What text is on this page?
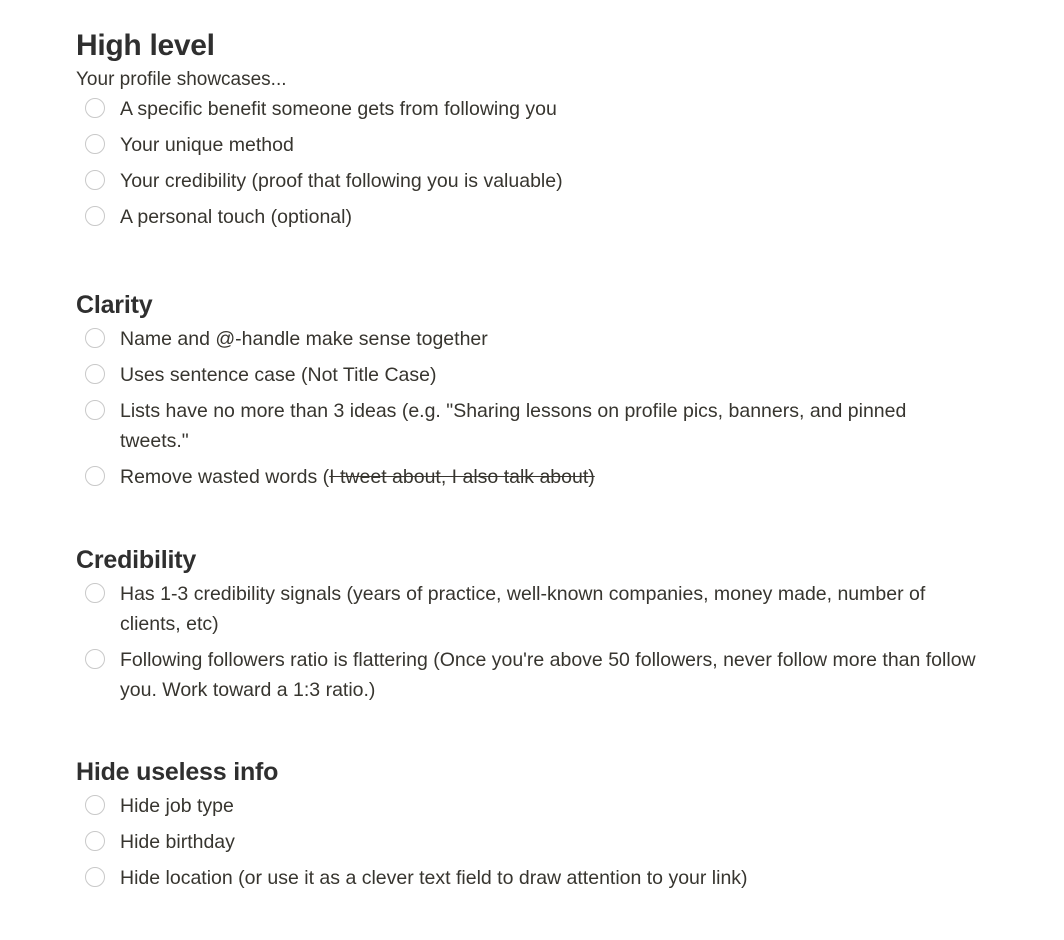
High level
Your profile showcases...
A specific benefit someone gets from following you
Your unique method
Your credibility (proof that following you is valuable)
A personal touch (optional)
Clarity
Name and @-handle make sense together
Uses sentence case (Not Title Case)
Lists have no more than 3 ideas (e.g. "Sharing lessons on profile pics, banners, and pinned tweets."
Remove wasted words (I tweet about, I also talk about)
Credibility
Has 1-3 credibility signals (years of practice, well-known companies, money made, number of clients, etc)
Following followers ratio is flattering (Once you're above 50 followers, never follow more than follow you. Work toward a 1:3 ratio.)
Hide useless info
Hide job type
Hide birthday
Hide location (or use it as a clever text field to draw attention to your link)
